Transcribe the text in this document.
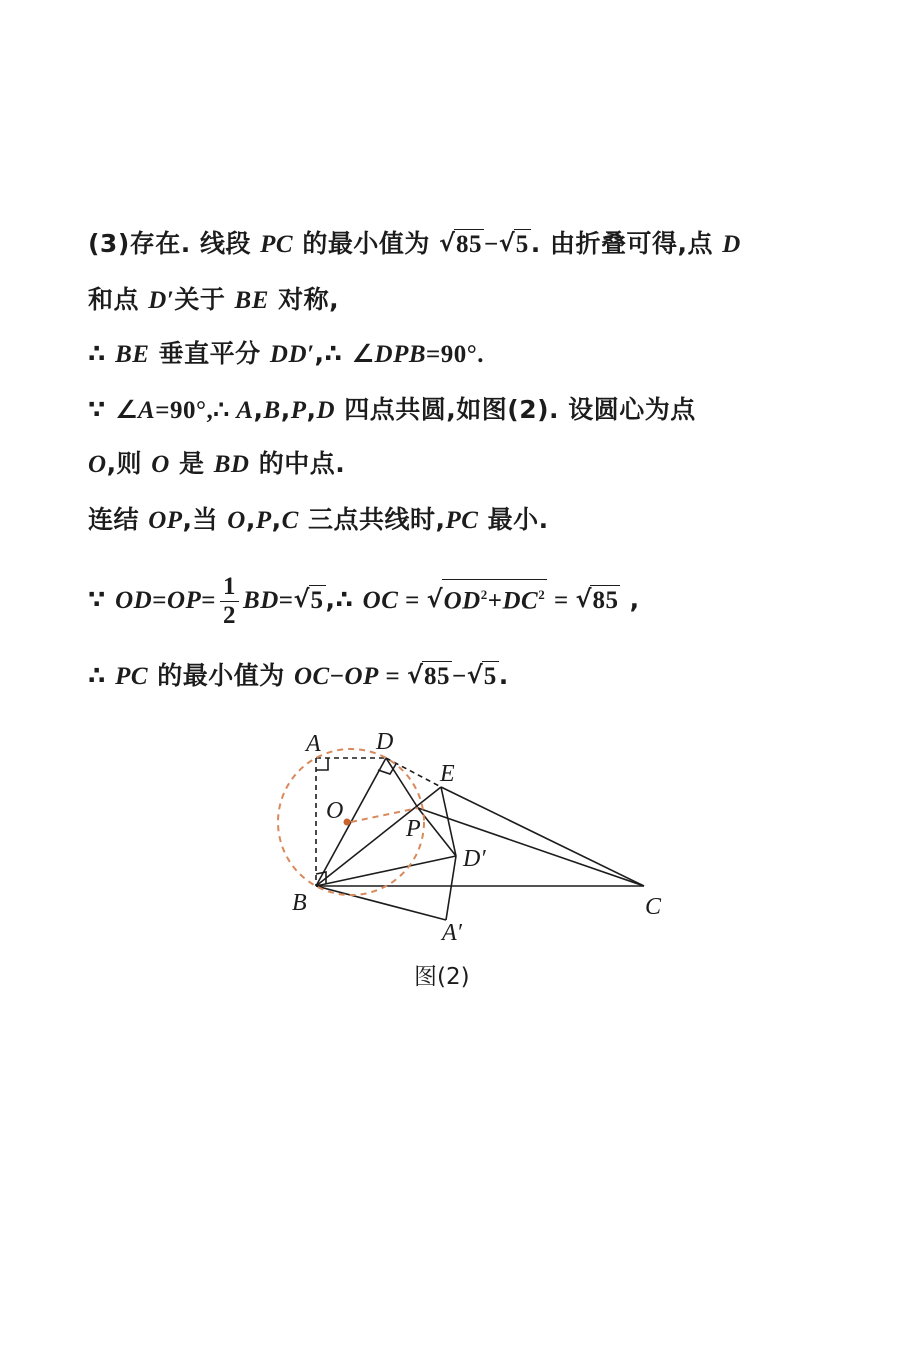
(3)存在. 线段 PC 的最小值为 √ 85−√ 5. 由折叠可得,点 D
和点 D′关于 BE 对称,
∴ BE 垂直平分 DD′,∴ ∠DPB=90°.
∵ ∠A=90°,∴ A,B,P,D 四点共圆,如图(2). 设圆心为点
O,则 O 是 BD 的中点.
连结 OP,当 O,P,C 三点共线时,PC 最小.
∵ $OD=OP= \frac{1}{2} BD=√$ 5,∴ OC = √ $OD^2+DC^2$ = √ 85 ,
∴ PC 的最小值为 OC−OP = √ 85−√ 5.
A D
E
O
P
D′
B	C
A′
图(2)
